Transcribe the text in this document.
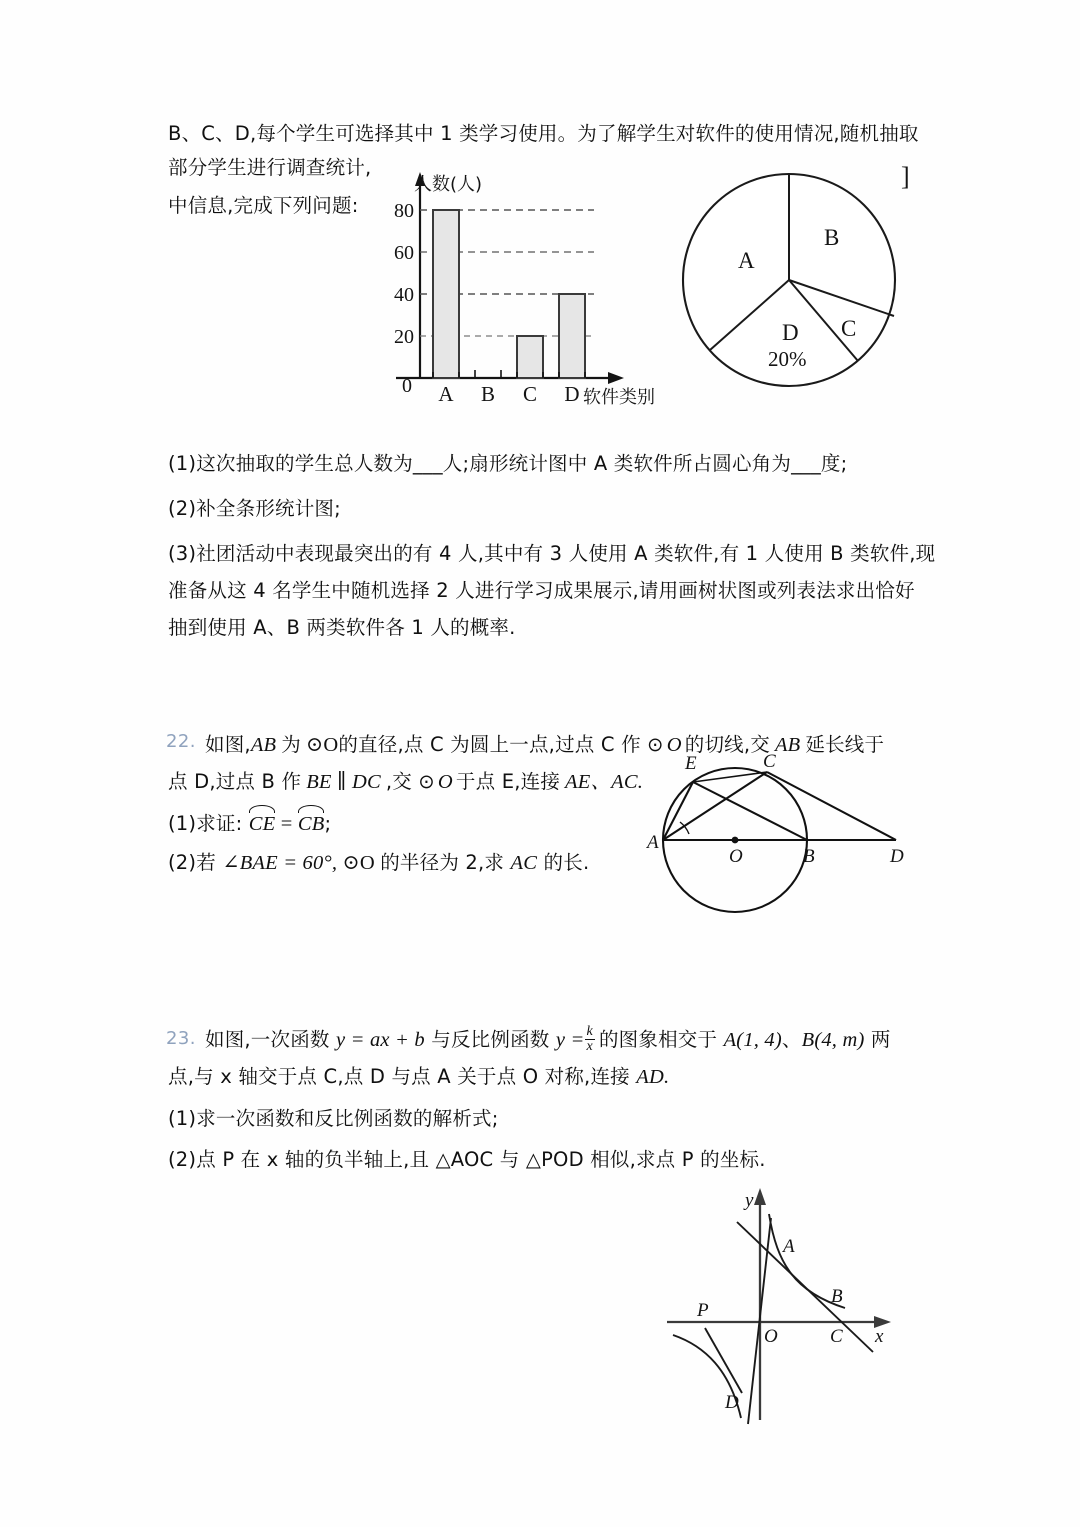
B、C、D,每个学生可选择其中 1 类学习使用。为了解学生对软件的使用情况,随机抽取
部分学生进行调查统计,
中信息,完成下列问题:
]
80
60
40
20
0 A B C D
人数(人)
软件类别
A
B
C
D
20%
(1)这次抽取的学生总人数为___人;扇形统计图中 A 类软件所占圆心角为___度;
(2)补全条形统计图;
(3)社团活动中表现最突出的有 4 人,其中有 3 人使用 A 类软件,有 1 人使用 B 类软件,现
准备从这 4 名学生中随机选择 2 人进行学习成果展示,请用画树状图或列表法求出恰好
抽到使用 A、B 两类软件各 1 人的概率.
22. 如图,AB 为 ⊙O的直径,点 C 为圆上一点,过点 C 作 ⊙ O 的切线,交 AB 延长线于
点 D,过点 B 作 BE ∥ DC ,交 ⊙ O 于点 E,连接 AE、AC.
(1)求证: CE = CB;
(2)若 ∠BAE = 60°, ⊙O 的半径为 2,求 AC 的长.
E	C
A
O	B	D
23. 如图,一次函数 y = ax + b 与反比例函数 $y = \frac{k}{x}$ 的图象相交于 A(1, 4)、B(4, m) 两
点,与 x 轴交于点 C,点 D 与点 A 关于点 O 对称,连接 AD.
(1)求一次函数和反比例函数的解析式;
(2)点 P 在 x 轴的负半轴上,且 △AOC 与 △POD 相似,求点 P 的坐标.
A
B
C
O
P
D
y
x
